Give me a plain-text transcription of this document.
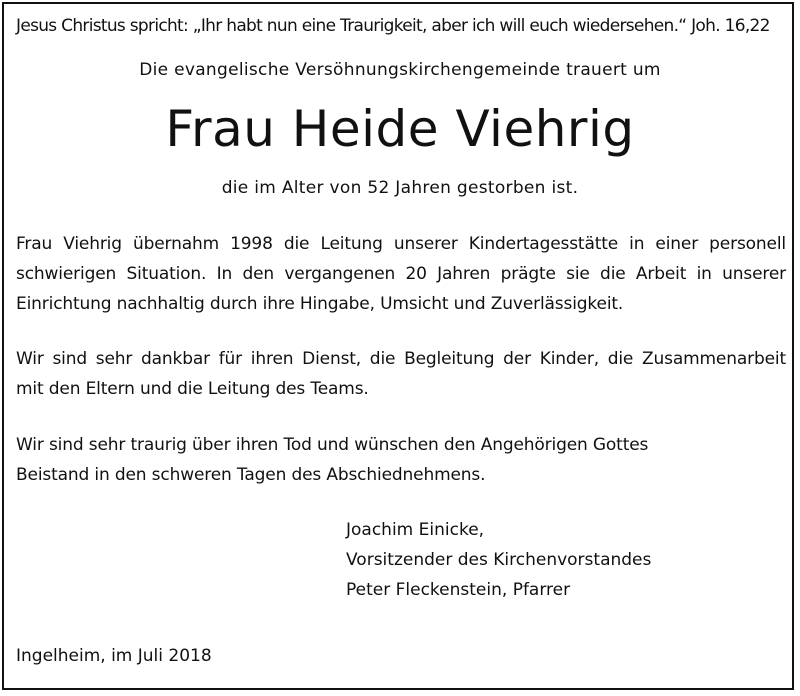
Jesus Christus spricht: „Ihr habt nun eine Traurigkeit, aber ich will euch wiedersehen.“ Joh. 16,22
Die evangelische Versöhnungskirchengemeinde trauert um
Frau Heide Viehrig
die im Alter von 52 Jahren gestorben ist.
Frau Viehrig übernahm 1998 die Leitung unserer Kindertagesstätte in einer personell
schwierigen Situation. In den vergangenen 20 Jahren prägte sie die Arbeit in unserer
Einrichtung nachhaltig durch ihre Hingabe, Umsicht und Zuverlässigkeit.
Wir sind sehr dankbar für ihren Dienst, die Begleitung der Kinder, die Zusammenarbeit
mit den Eltern und die Leitung des Teams.
Wir sind sehr traurig über ihren Tod und wünschen den Angehörigen Gottes
Beistand in den schweren Tagen des Abschiednehmens.
Joachim Einicke,
Vorsitzender des Kirchenvorstandes
Peter Fleckenstein, Pfarrer
Ingelheim, im Juli 2018
